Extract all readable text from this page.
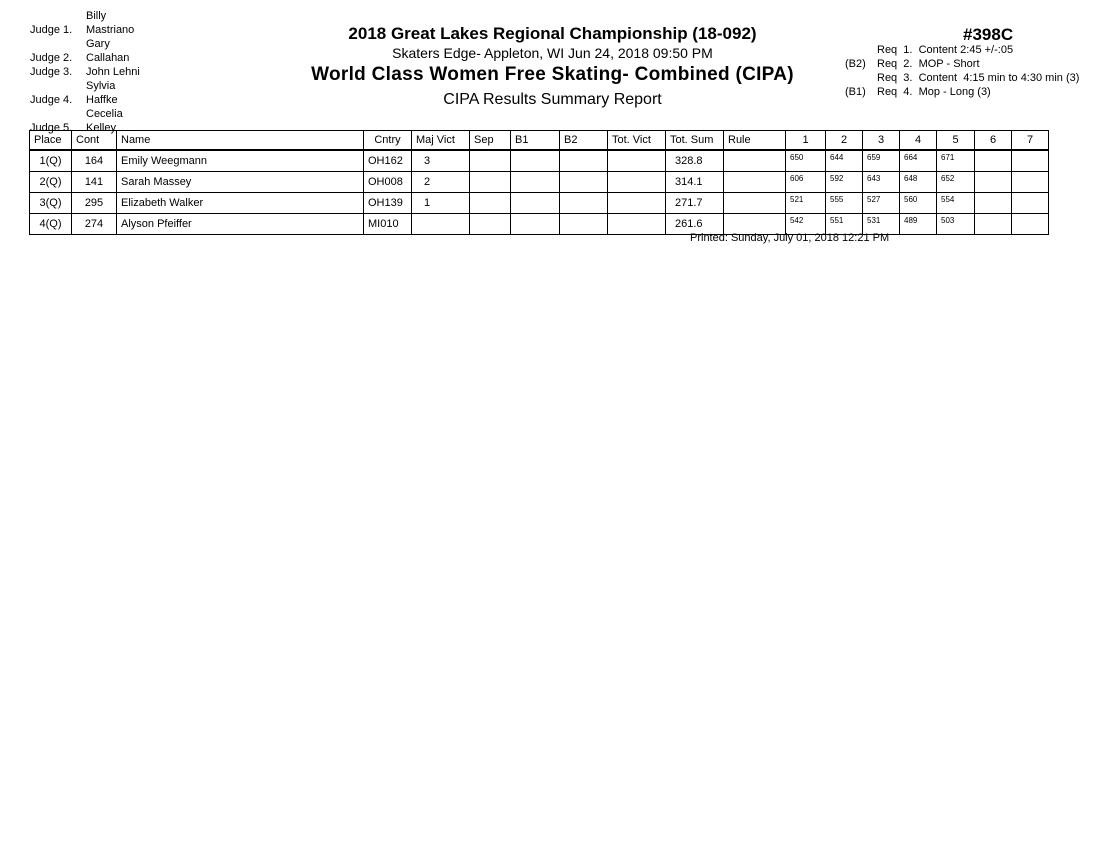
Judge 1.Billy Mastriano
Judge 2.Gary Callahan
Judge 3. John Lehni
Judge 4.Sylvia Haffke
Judge 5.Cecelia Kelley
2018 Great Lakes Regional Championship (18-092)
Skaters Edge- Appleton, WI Jun 24, 2018 09:50 PM
World Class Women Free Skating- Combined (CIPA)
CIPA Results Summary Report
#398C
Req  1.  Content 2:45 +/-:05
(B2) Req  2.  MOP - Short
Req  3.  Content  4:15 min to 4:30 min (3)
(B1) Req  4.  Mop - Long (3)
Place	Cont	Name	Cntry	Maj Vict	Sep	B1	B2	Tot. Vict	Tot. Sum	Rule	1	2	3	4	5	6	7
1(Q)	164	Emily Weegmann	OH162	3					328.8		650	644	659	664	671		
2(Q)	141	Sarah Massey	OH008	2					314.1		606	592	643	648	652		
3(Q)	295	Elizabeth Walker	OH139	1					271.7		521	555	527	560	554		
4(Q)	274	Alyson Pfeiffer	MI010						261.6		542	551	531	489	503		
Printed: Sunday, July 01, 2018 12:21 PM
